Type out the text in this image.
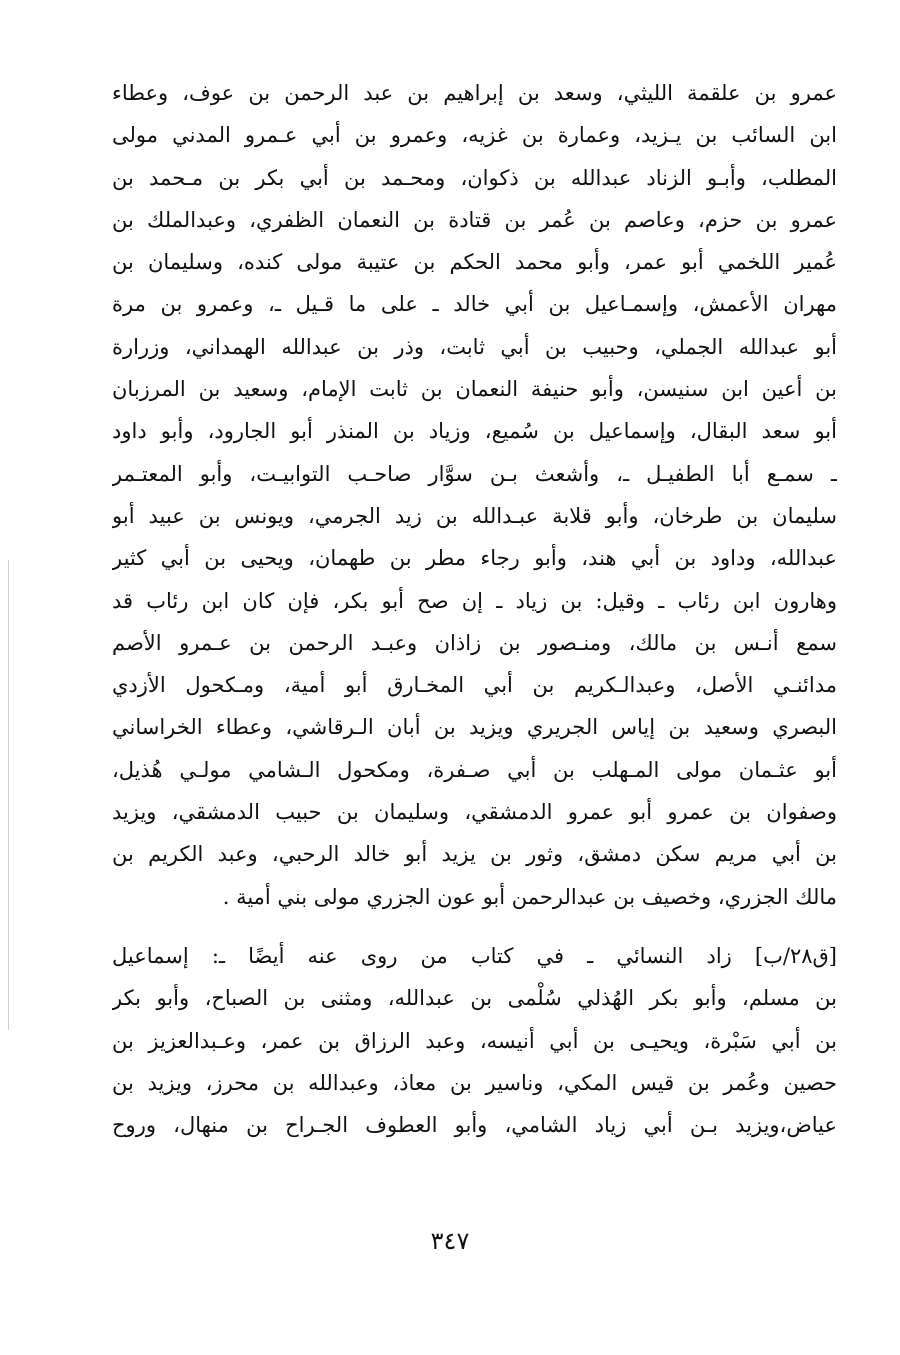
عمرو بن علقمة الليثي، وسعد بن إبراهيم بن عبد الرحمن بن عوف، وعطاء
ابن السائب بن يـزيد، وعمارة بن غزيه، وعمرو بن أبي عـمرو المدني مولى
المطلب، وأبـو الزناد عبدالله بن ذكوان، ومحـمد بن أبي بكر بن مـحمد بن
عمرو بن حزم، وعاصم بن عُمر بن قتادة بن النعمان الظفري، وعبدالملك بن
عُمير اللخمي أبو عمر، وأبو محمد الحكم بن عتيبة مولى كنده، وسليمان بن
مهران الأعمش، وإسمـاعيل بن أبي خالد ـ على ما قـيل ـ، وعمرو بن مرة
أبو عبدالله الجملي، وحبيب بن أبي ثابت، وذر بن عبدالله الهمداني، وزرارة
بن أعين ابن سنيسن، وأبو حنيفة النعمان بن ثابت الإمام، وسعيد بن المرزبان
أبو سعد البقال، وإسماعيل بن سُميع، وزياد بن المنذر أبو الجارود، وأبو داود
ـ سمـع أبا الطفيـل ـ، وأشعث بـن سوَّار صاحـب التوابيـت، وأبو المعتـمر
سليمان بن طرخان، وأبو قلابة عبـدالله بن زيد الجرمي، ويونس بن عبيد أبو
عبدالله، وداود بن أبي هند، وأبو رجاء مطر بن طهمان، ويحيى بن أبي كثير
وهارون ابن رئاب ـ وقيل: بن زياد ـ إن صح أبو بكر، فإن كان ابن رئاب قد
سمع أنـس بن مالك، ومنـصور بن زاذان وعبـد الرحمن بن عـمرو الأصم
مدائنـي الأصل، وعبدالـكريم بن أبي المخـارق أبو أمية، ومـكحول الأزدي
البصري وسعيد بن إياس الجريري ويزيد بن أبان الـرقاشي، وعطاء الخراساني
أبو عثـمان مولى المـهلب بن أبي صـفرة، ومكحول الـشامي مولـي هُذيل،
وصفوان بن عمرو أبو عمرو الدمشقي، وسليمان بن حبيب الدمشقي، ويزيد
بن أبي مريم سكن دمشق، وثور بن يزيد أبو خالد الرحبي، وعبد الكريم بن
مالك الجزري، وخصيف بن عبدالرحمن أبو عون الجزري مولى بني أمية .
[ق٢٨/ب] زاد النسائي ـ في كتاب من روى عنه أيضًا ـ: إسماعيل
بن مسلم، وأبو بكر الهُذلي سُلْمى بن عبدالله، ومثنى بن الصباح، وأبو بكر
بن أبي سَبْرة، ويحيـى بن أبي أنيسه، وعبد الرزاق بن عمر، وعـبدالعزيز بن
حصين وعُمر بن قيس المكي، وناسير بن معاذ، وعبدالله بن محرز، ويزيد بن
عياض،ويزيد بـن أبي زياد الشامي، وأبو العطوف الجـراح بن منهال، وروح
٣٤٧
